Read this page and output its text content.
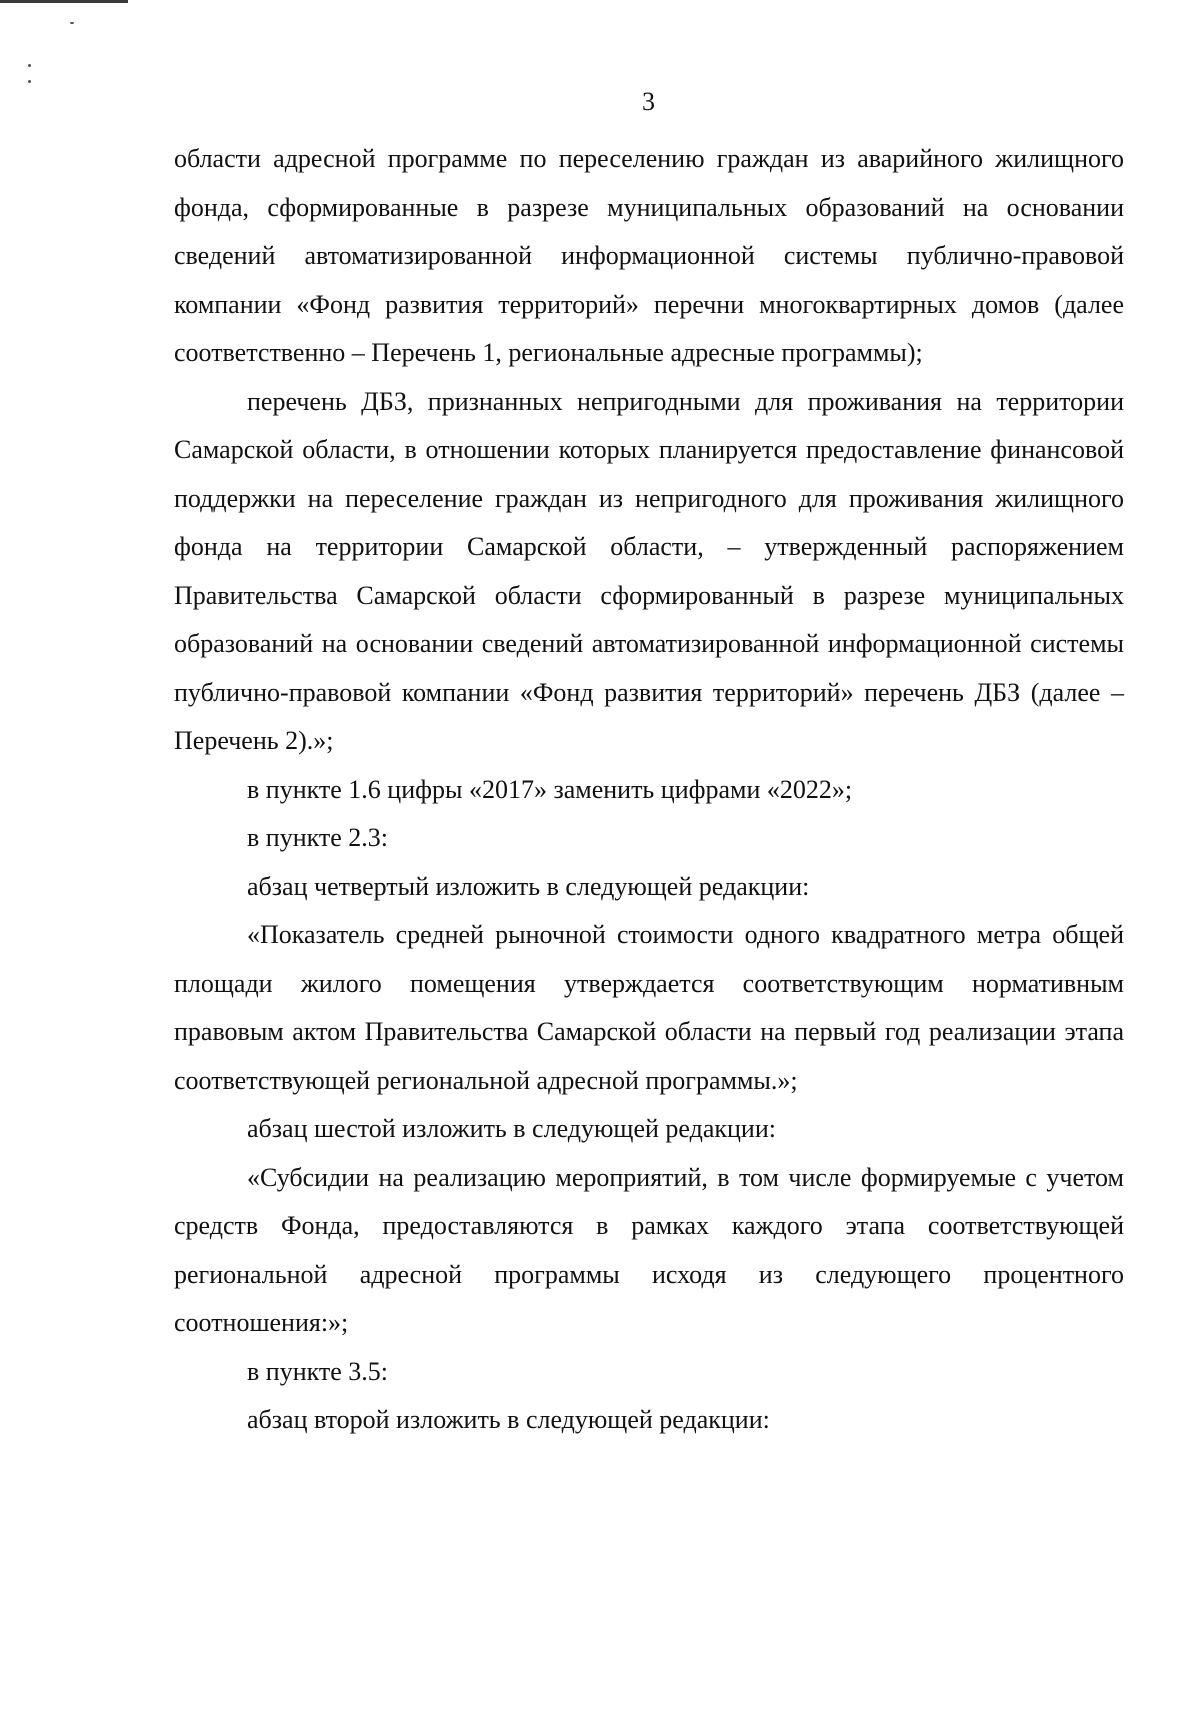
3

области адресной программе по переселению граждан из аварийного жилищного фонда, сформированные в разрезе муниципальных образований на основании сведений автоматизированной информационной системы публично-правовой компании «Фонд развития территорий» перечни многоквартирных домов (далее соответственно – Перечень 1, региональные адресные программы);

перечень ДБЗ, признанных непригодными для проживания на территории Самарской области, в отношении которых планируется предоставление финансовой поддержки на переселение граждан из непригодного для проживания жилищного фонда на территории Самарской области, – утвержденный распоряжением Правительства Самарской области сформированный в разрезе муниципальных образований на основании сведений автоматизированной информационной системы публично-правовой компании «Фонд развития территорий» перечень ДБЗ (далее – Перечень 2).»;

в пункте 1.6 цифры «2017» заменить цифрами «2022»;

в пункте 2.3:

абзац четвертый изложить в следующей редакции:

«Показатель средней рыночной стоимости одного квадратного метра общей площади жилого помещения утверждается соответствующим нормативным правовым актом Правительства Самарской области на первый год реализации этапа соответствующей региональной адресной программы.»;

абзац шестой изложить в следующей редакции:

«Субсидии на реализацию мероприятий, в том числе формируемые с учетом средств Фонда, предоставляются в рамках каждого этапа соответствующей региональной адресной программы исходя из следующего процентного соотношения:»;

в пункте 3.5:

абзац второй изложить в следующей редакции:
